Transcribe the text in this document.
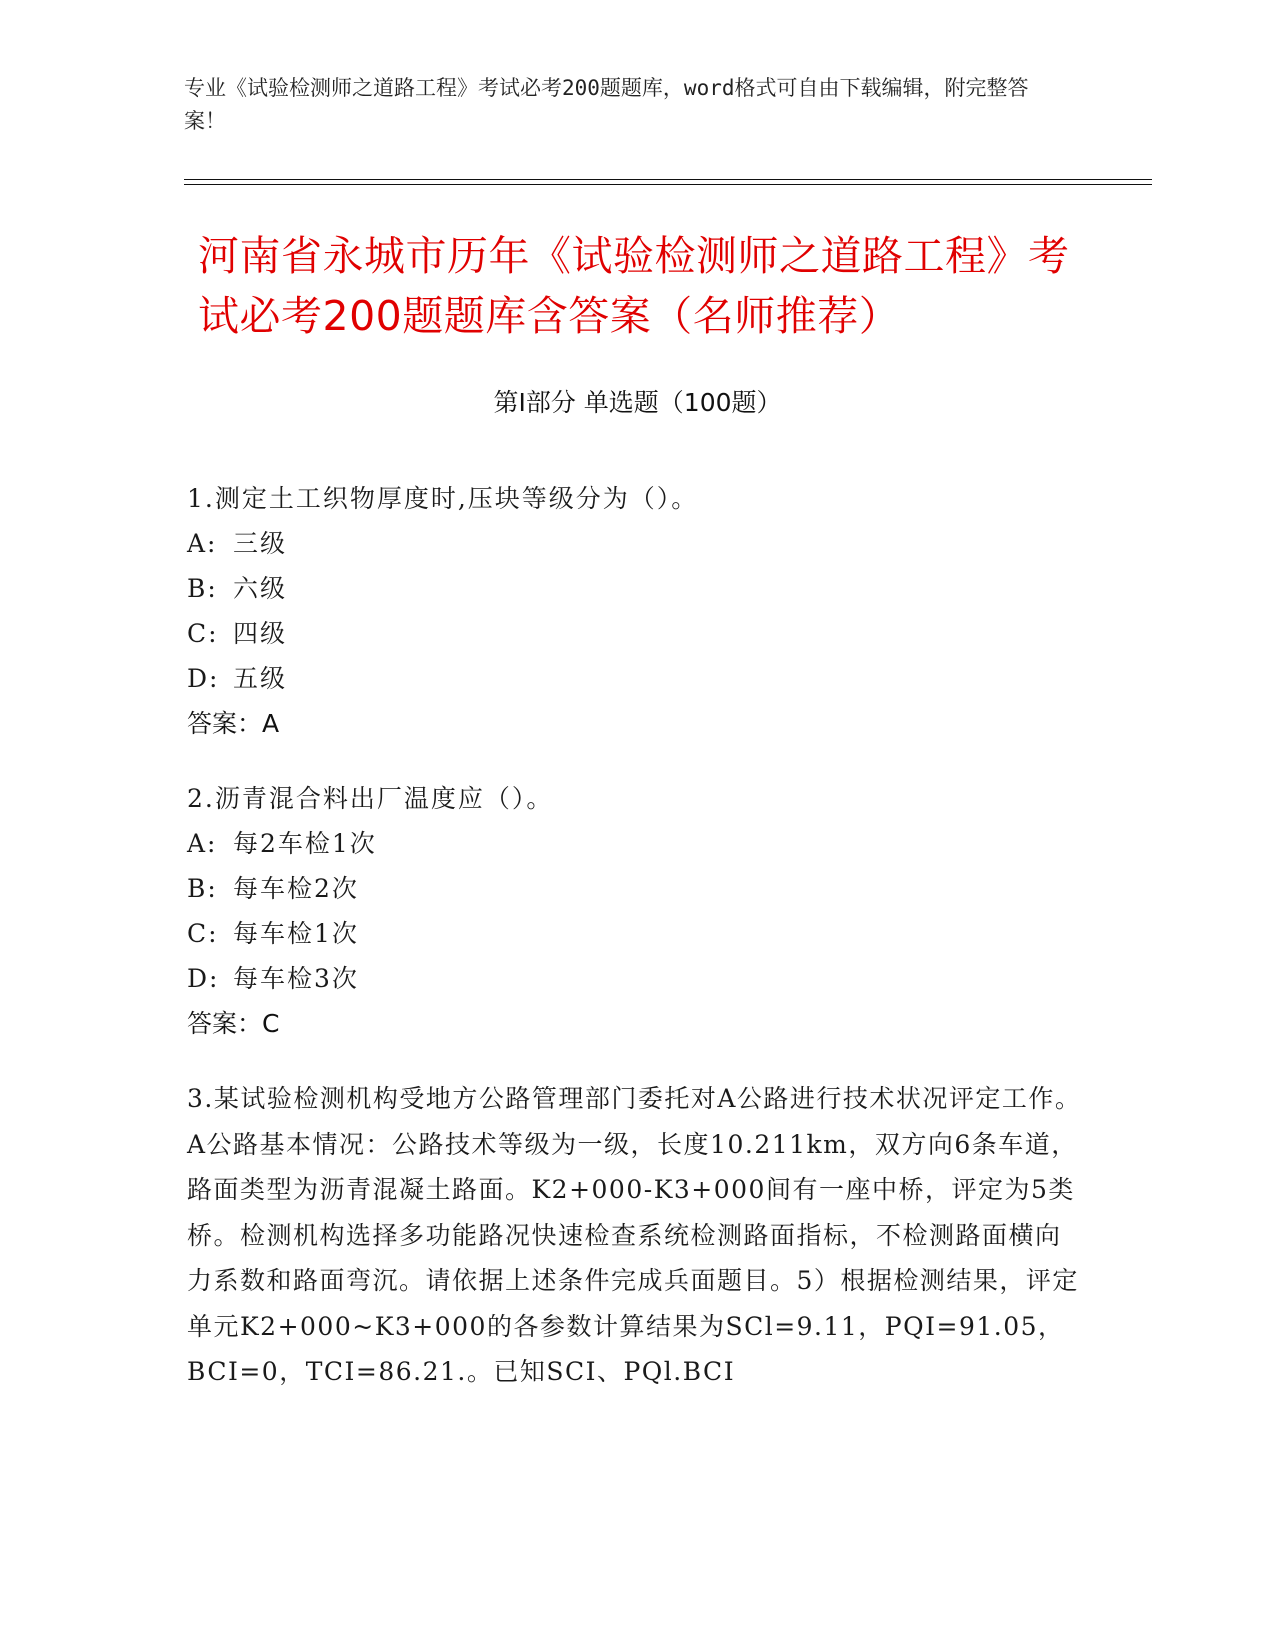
专业《试验检测师之道路工程》考试必考200题题库，word格式可自由下载编辑，附完整答案！
河南省永城市历年《试验检测师之道路工程》考试必考200题题库含答案（名师推荐）
第Ⅰ部分 单选题（100题）
1.测定土工织物厚度时,压块等级分为（）。
A: 三级
B: 六级
C: 四级
D: 五级
答案：A
2.沥青混合料出厂温度应（）。
A: 每2车检1次
B: 每车检2次
C: 每车检1次
D: 每车检3次
答案：C
3.某试验检测机构受地方公路管理部门委托对A公路进行技术状况评定工作。A公路基本情况：公路技术等级为一级，长度10.211km，双方向6条车道，路面类型为沥青混凝土路面。K2+000-K3+000间有一座中桥，评定为5类桥。检测机构选择多功能路况快速检查系统检测路面指标，不检测路面横向力系数和路面弯沉。请依据上述条件完成兵面题目。5）根据检测结果，评定单元K2+000~K3+000的各参数计算结果为SCl=9.11，PQI=91.05，BCI=0，TCI=86.21.。已知SCI、PQl.BCI
